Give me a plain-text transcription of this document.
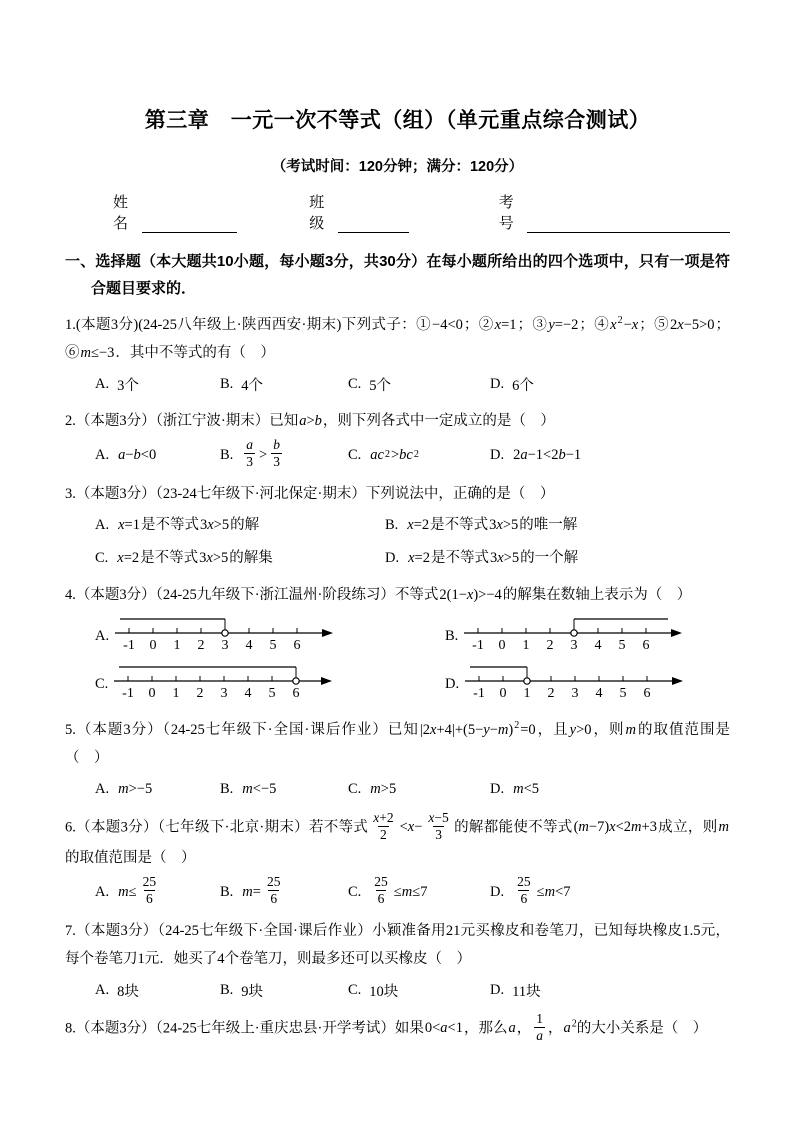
第三章　一元一次不等式（组）（单元重点综合测试）
（考试时间：120分钟；满分：120分）
姓名
班级
考号
一、选择题（本大题共10小题，每小题3分，共30分）在每小题所给出的四个选项中，只有一项是符合题目要求的．
1.(本题3分)(24-25八年级上·陕西西安·期末)下列式子：①−4<0；②x=1；③y=−2；$④x^2-x$；⑤2x−5>0；⑥m≤−3．其中不等式的有（　）
A. 3个	B. 4个	C. 5个	D. 6个
2.（本题3分）（浙江宁波·期末）已知a>b，则下列各式中一定成立的是（　）
A. a−b<0	B. $\frac{a}{3} > \frac{b}{3}$	C. ac 2 >bc 2	D. 2a−1<2b−1
3.（本题3分）（23-24七年级下·河北保定·期末）下列说法中，正确的是（　）
A. x=1是不等式3x>5的解	B. x=2是不等式3x>5的唯一解
C. x=2是不等式3x>5的解集	D. x=2是不等式3x>5的一个解
4.（本题3分）（24-25九年级下·浙江温州·阶段练习）不等式2(1−x)>−4的解集在数轴上表示为（　）
A.
-1 0 1 2 3 4 5 6
B.
-1 0 1 2 3 4 5 6
C.
-1 0 1 2 3 4 5 6
D.
-1 0 1 2 3 4 5 6
5.（本题3分）（24-25七年级下·全国·课后作业）已知$|2x+4|+(5-y-m)^2=0$，且y>0，则m的取值范围是（　）
A. m>−5	B. m<−5	C. m>5	D. m<5
6.（本题3分）（七年级下·北京·期末）若不等式 $\frac{x+2}{2} <x- \frac{x-5}{3}$ 的解都能使不等式(m−7)x<2m+3成立，则m的取值范围是（　）
A. $m\le \frac{25}{6}$	B. $m= \frac{25}{6}$	C. $\frac{25}{6} \le m\le 7$	D. $\frac{25}{6} \le m<7$
7.（本题3分）（24-25七年级下·全国·课后作业）小颖准备用21元买橡皮和卷笔刀，已知每块橡皮1.5元，每个卷笔刀1元．她买了4个卷笔刀，则最多还可以买橡皮（　）
A. 8块	B. 9块	C. 10块	D. 11块
8.（本题3分）（24-25七年级上·重庆忠县·开学考试）如果0<a<1，那么a， $\frac{1}{a}$ ，$a^2$的大小关系是（　）
